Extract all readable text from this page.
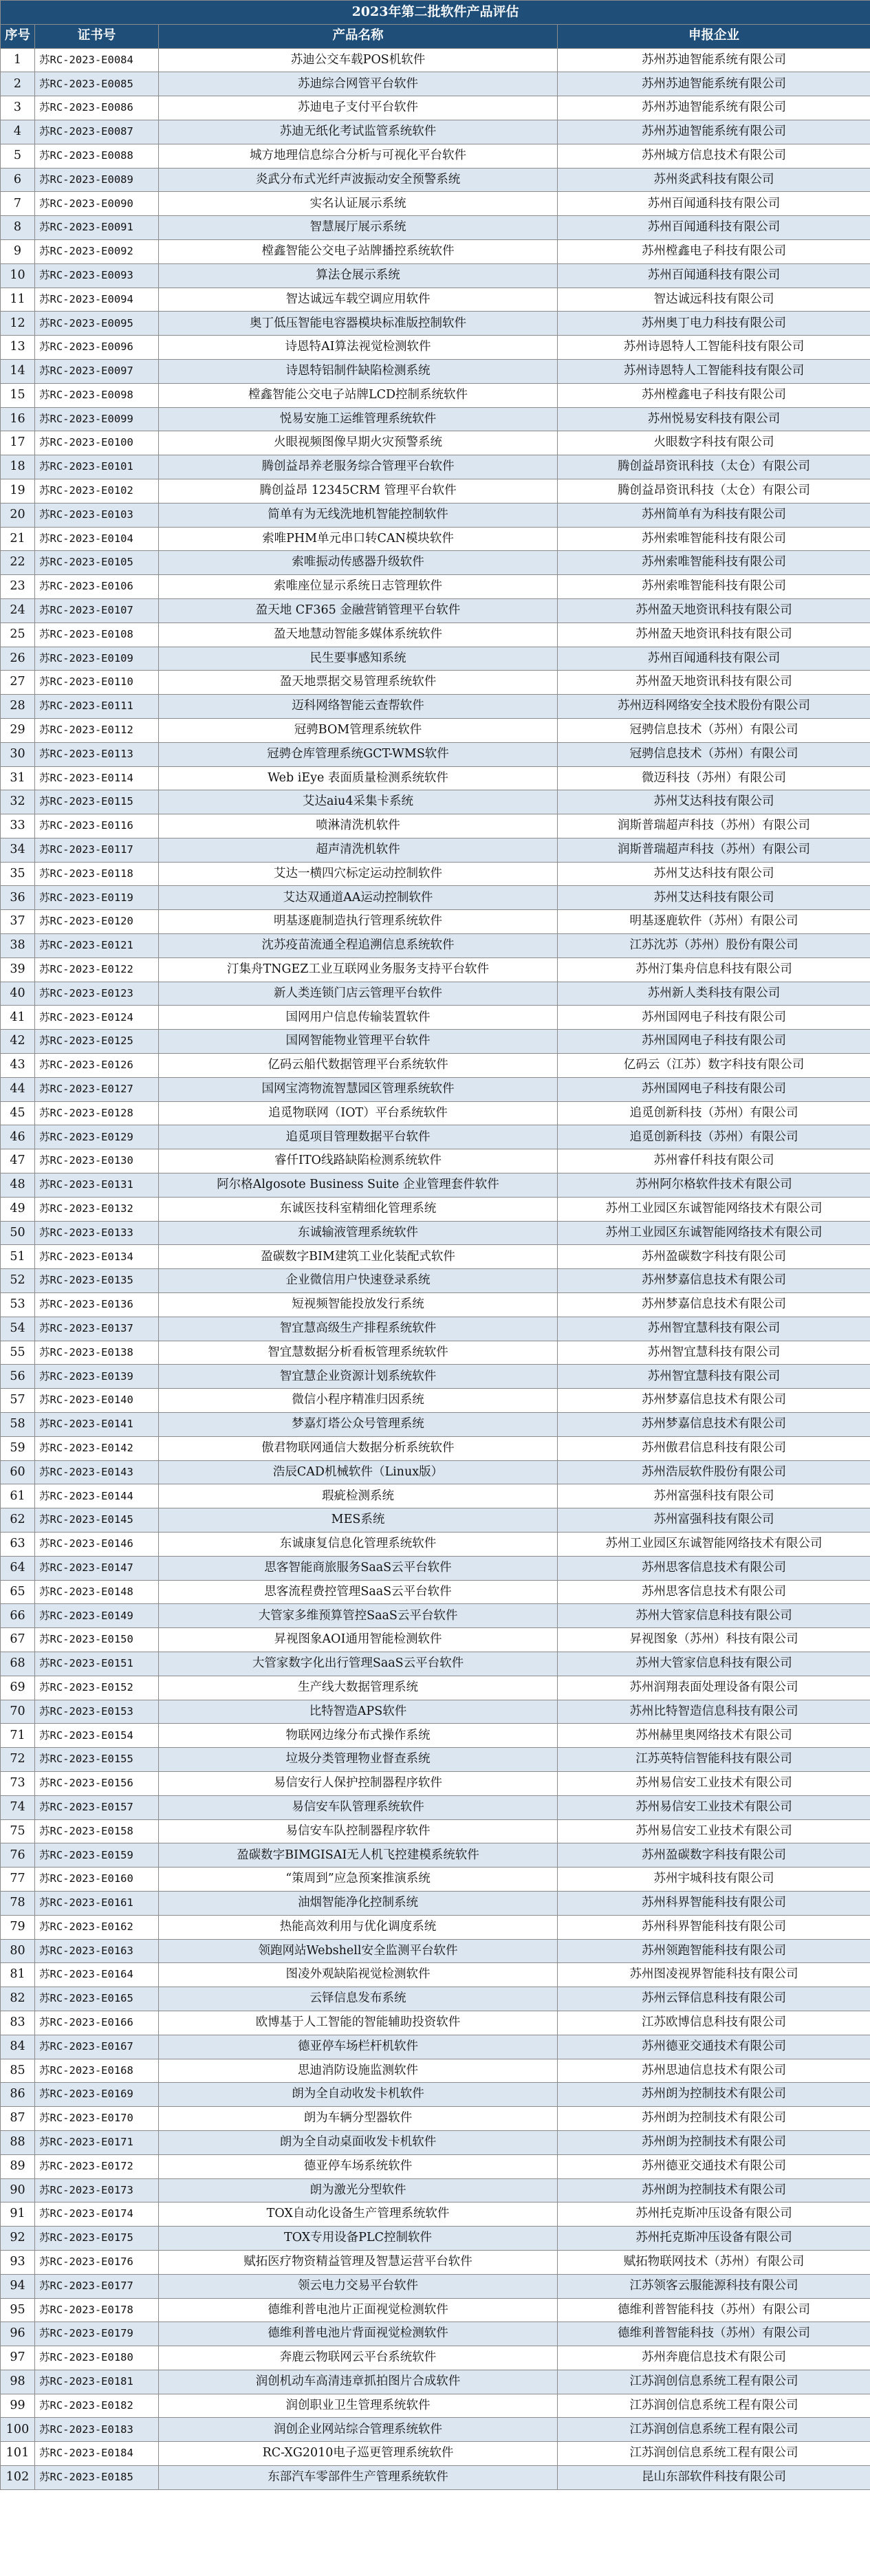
2023年第二批软件产品评估			
序号	证书号	产品名称	申报企业
1	苏RC-2023-E0084	苏迪公交车载POS机软件	苏州苏迪智能系统有限公司
2	苏RC-2023-E0085	苏迪综合网管平台软件	苏州苏迪智能系统有限公司
3	苏RC-2023-E0086	苏迪电子支付平台软件	苏州苏迪智能系统有限公司
4	苏RC-2023-E0087	苏迪无纸化考试监管系统软件	苏州苏迪智能系统有限公司
5	苏RC-2023-E0088	城方地理信息综合分析与可视化平台软件	苏州城方信息技术有限公司
6	苏RC-2023-E0089	炎武分布式光纤声波振动安全预警系统	苏州炎武科技有限公司
7	苏RC-2023-E0090	实名认证展示系统	苏州百闻通科技有限公司
8	苏RC-2023-E0091	智慧展厅展示系统	苏州百闻通科技有限公司
9	苏RC-2023-E0092	樘鑫智能公交电子站牌播控系统软件	苏州樘鑫电子科技有限公司
10	苏RC-2023-E0093	算法仓展示系统	苏州百闻通科技有限公司
11	苏RC-2023-E0094	智达诚远车载空调应用软件	智达诚远科技有限公司
12	苏RC-2023-E0095	奥丁低压智能电容器模块标准版控制软件	苏州奥丁电力科技有限公司
13	苏RC-2023-E0096	诗恩特AI算法视觉检测软件	苏州诗恩特人工智能科技有限公司
14	苏RC-2023-E0097	诗恩特铝制件缺陷检测系统	苏州诗恩特人工智能科技有限公司
15	苏RC-2023-E0098	樘鑫智能公交电子站牌LCD控制系统软件	苏州樘鑫电子科技有限公司
16	苏RC-2023-E0099	悦易安施工运维管理系统软件	苏州悦易安科技有限公司
17	苏RC-2023-E0100	火眼视频图像早期火灾预警系统	火眼数字科技有限公司
18	苏RC-2023-E0101	腾创益昂养老服务综合管理平台软件	腾创益昂资讯科技（太仓）有限公司
19	苏RC-2023-E0102	腾创益昂 12345CRM 管理平台软件	腾创益昂资讯科技（太仓）有限公司
20	苏RC-2023-E0103	简单有为无线洗地机智能控制软件	苏州简单有为科技有限公司
21	苏RC-2023-E0104	索唯PHM单元串口转CAN模块软件	苏州索唯智能科技有限公司
22	苏RC-2023-E0105	索唯振动传感器升级软件	苏州索唯智能科技有限公司
23	苏RC-2023-E0106	索唯座位显示系统日志管理软件	苏州索唯智能科技有限公司
24	苏RC-2023-E0107	盈天地 CF365 金融营销管理平台软件	苏州盈天地资讯科技有限公司
25	苏RC-2023-E0108	盈天地慧动智能多媒体系统软件	苏州盈天地资讯科技有限公司
26	苏RC-2023-E0109	民生要事感知系统	苏州百闻通科技有限公司
27	苏RC-2023-E0110	盈天地票据交易管理系统软件	苏州盈天地资讯科技有限公司
28	苏RC-2023-E0111	迈科网络智能云查帮软件	苏州迈科网络安全技术股份有限公司
29	苏RC-2023-E0112	冠骋BOM管理系统软件	冠骋信息技术（苏州）有限公司
30	苏RC-2023-E0113	冠骋仓库管理系统GCT-WMS软件	冠骋信息技术（苏州）有限公司
31	苏RC-2023-E0114	Web iEye 表面质量检测系统软件	微迈科技（苏州）有限公司
32	苏RC-2023-E0115	艾达aiu4采集卡系统	苏州艾达科技有限公司
33	苏RC-2023-E0116	喷淋清洗机软件	润斯普瑞超声科技（苏州）有限公司
34	苏RC-2023-E0117	超声清洗机软件	润斯普瑞超声科技（苏州）有限公司
35	苏RC-2023-E0118	艾达一横四穴标定运动控制软件	苏州艾达科技有限公司
36	苏RC-2023-E0119	艾达双通道AA运动控制软件	苏州艾达科技有限公司
37	苏RC-2023-E0120	明基逐鹿制造执行管理系统软件	明基逐鹿软件（苏州）有限公司
38	苏RC-2023-E0121	沈苏疫苗流通全程追溯信息系统软件	江苏沈苏（苏州）股份有限公司
39	苏RC-2023-E0122	汀集舟TNGEZ工业互联网业务服务支持平台软件	苏州汀集舟信息科技有限公司
40	苏RC-2023-E0123	新人类连锁门店云管理平台软件	苏州新人类科技有限公司
41	苏RC-2023-E0124	国网用户信息传输装置软件	苏州国网电子科技有限公司
42	苏RC-2023-E0125	国网智能物业管理平台软件	苏州国网电子科技有限公司
43	苏RC-2023-E0126	亿码云船代数据管理平台系统软件	亿码云（江苏）数字科技有限公司
44	苏RC-2023-E0127	国网宝湾物流智慧园区管理系统软件	苏州国网电子科技有限公司
45	苏RC-2023-E0128	追觅物联网（IOT）平台系统软件	追觅创新科技（苏州）有限公司
46	苏RC-2023-E0129	追觅项目管理数据平台软件	追觅创新科技（苏州）有限公司
47	苏RC-2023-E0130	睿仟ITO线路缺陷检测系统软件	苏州睿仟科技有限公司
48	苏RC-2023-E0131	阿尔格Algosote Business Suite 企业管理套件软件	苏州阿尔格软件技术有限公司
49	苏RC-2023-E0132	东诚医技科室精细化管理系统	苏州工业园区东诚智能网络技术有限公司
50	苏RC-2023-E0133	东诚输液管理系统软件	苏州工业园区东诚智能网络技术有限公司
51	苏RC-2023-E0134	盈碳数字BIM建筑工业化装配式软件	苏州盈碳数字科技有限公司
52	苏RC-2023-E0135	企业微信用户快速登录系统	苏州梦嘉信息技术有限公司
53	苏RC-2023-E0136	短视频智能投放发行系统	苏州梦嘉信息技术有限公司
54	苏RC-2023-E0137	智宜慧高级生产排程系统软件	苏州智宜慧科技有限公司
55	苏RC-2023-E0138	智宜慧数据分析看板管理系统软件	苏州智宜慧科技有限公司
56	苏RC-2023-E0139	智宜慧企业资源计划系统软件	苏州智宜慧科技有限公司
57	苏RC-2023-E0140	微信小程序精准归因系统	苏州梦嘉信息技术有限公司
58	苏RC-2023-E0141	梦嘉灯塔公众号管理系统	苏州梦嘉信息技术有限公司
59	苏RC-2023-E0142	傲君物联网通信大数据分析系统软件	苏州傲君信息科技有限公司
60	苏RC-2023-E0143	浩辰CAD机械软件（Linux版）	苏州浩辰软件股份有限公司
61	苏RC-2023-E0144	瑕疵检测系统	苏州富强科技有限公司
62	苏RC-2023-E0145	MES系统	苏州富强科技有限公司
63	苏RC-2023-E0146	东诚康复信息化管理系统软件	苏州工业园区东诚智能网络技术有限公司
64	苏RC-2023-E0147	思客智能商旅服务SaaS云平台软件	苏州思客信息技术有限公司
65	苏RC-2023-E0148	思客流程费控管理SaaS云平台软件	苏州思客信息技术有限公司
66	苏RC-2023-E0149	大管家多维预算管控SaaS云平台软件	苏州大管家信息科技有限公司
67	苏RC-2023-E0150	昇视图象AOI通用智能检测软件	昇视图象（苏州）科技有限公司
68	苏RC-2023-E0151	大管家数字化出行管理SaaS云平台软件	苏州大管家信息科技有限公司
69	苏RC-2023-E0152	生产线大数据管理系统	苏州润翔表面处理设备有限公司
70	苏RC-2023-E0153	比特智造APS软件	苏州比特智造信息科技有限公司
71	苏RC-2023-E0154	物联网边缘分布式操作系统	苏州赫里奥网络技术有限公司
72	苏RC-2023-E0155	垃圾分类管理物业督查系统	江苏英特信智能科技有限公司
73	苏RC-2023-E0156	易信安行人保护控制器程序软件	苏州易信安工业技术有限公司
74	苏RC-2023-E0157	易信安车队管理系统软件	苏州易信安工业技术有限公司
75	苏RC-2023-E0158	易信安车队控制器程序软件	苏州易信安工业技术有限公司
76	苏RC-2023-E0159	盈碳数字BIMGISAI无人机飞控建模系统软件	苏州盈碳数字科技有限公司
77	苏RC-2023-E0160	“策周到”应急预案推演系统	苏州宇城科技有限公司
78	苏RC-2023-E0161	油烟智能净化控制系统	苏州科界智能科技有限公司
79	苏RC-2023-E0162	热能高效利用与优化调度系统	苏州科界智能科技有限公司
80	苏RC-2023-E0163	领跑网站Webshell安全监测平台软件	苏州领跑智能科技有限公司
81	苏RC-2023-E0164	图凌外观缺陷视觉检测软件	苏州图凌视界智能科技有限公司
82	苏RC-2023-E0165	云铎信息发布系统	苏州云铎信息科技有限公司
83	苏RC-2023-E0166	欧博基于人工智能的智能辅助投资软件	江苏欧博信息科技有限公司
84	苏RC-2023-E0167	德亚停车场栏杆机软件	苏州德亚交通技术有限公司
85	苏RC-2023-E0168	思迪消防设施监测软件	苏州思迪信息技术有限公司
86	苏RC-2023-E0169	朗为全自动收发卡机软件	苏州朗为控制技术有限公司
87	苏RC-2023-E0170	朗为车辆分型器软件	苏州朗为控制技术有限公司
88	苏RC-2023-E0171	朗为全自动桌面收发卡机软件	苏州朗为控制技术有限公司
89	苏RC-2023-E0172	德亚停车场系统软件	苏州德亚交通技术有限公司
90	苏RC-2023-E0173	朗为激光分型软件	苏州朗为控制技术有限公司
91	苏RC-2023-E0174	TOX自动化设备生产管理系统软件	苏州托克斯冲压设备有限公司
92	苏RC-2023-E0175	TOX专用设备PLC控制软件	苏州托克斯冲压设备有限公司
93	苏RC-2023-E0176	赋拓医疗物资精益管理及智慧运营平台软件	赋拓物联网技术（苏州）有限公司
94	苏RC-2023-E0177	领云电力交易平台软件	江苏领客云服能源科技有限公司
95	苏RC-2023-E0178	德维利普电池片正面视觉检测软件	德维利普智能科技（苏州）有限公司
96	苏RC-2023-E0179	德维利普电池片背面视觉检测软件	德维利普智能科技（苏州）有限公司
97	苏RC-2023-E0180	奔鹿云物联网云平台系统软件	苏州奔鹿信息技术有限公司
98	苏RC-2023-E0181	润创机动车高清违章抓拍图片合成软件	江苏润创信息系统工程有限公司
99	苏RC-2023-E0182	润创职业卫生管理系统软件	江苏润创信息系统工程有限公司
100	苏RC-2023-E0183	润创企业网站综合管理系统软件	江苏润创信息系统工程有限公司
101	苏RC-2023-E0184	RC-XG2010电子巡更管理系统软件	江苏润创信息系统工程有限公司
102	苏RC-2023-E0185	东部汽车零部件生产管理系统软件	昆山东部软件科技有限公司
